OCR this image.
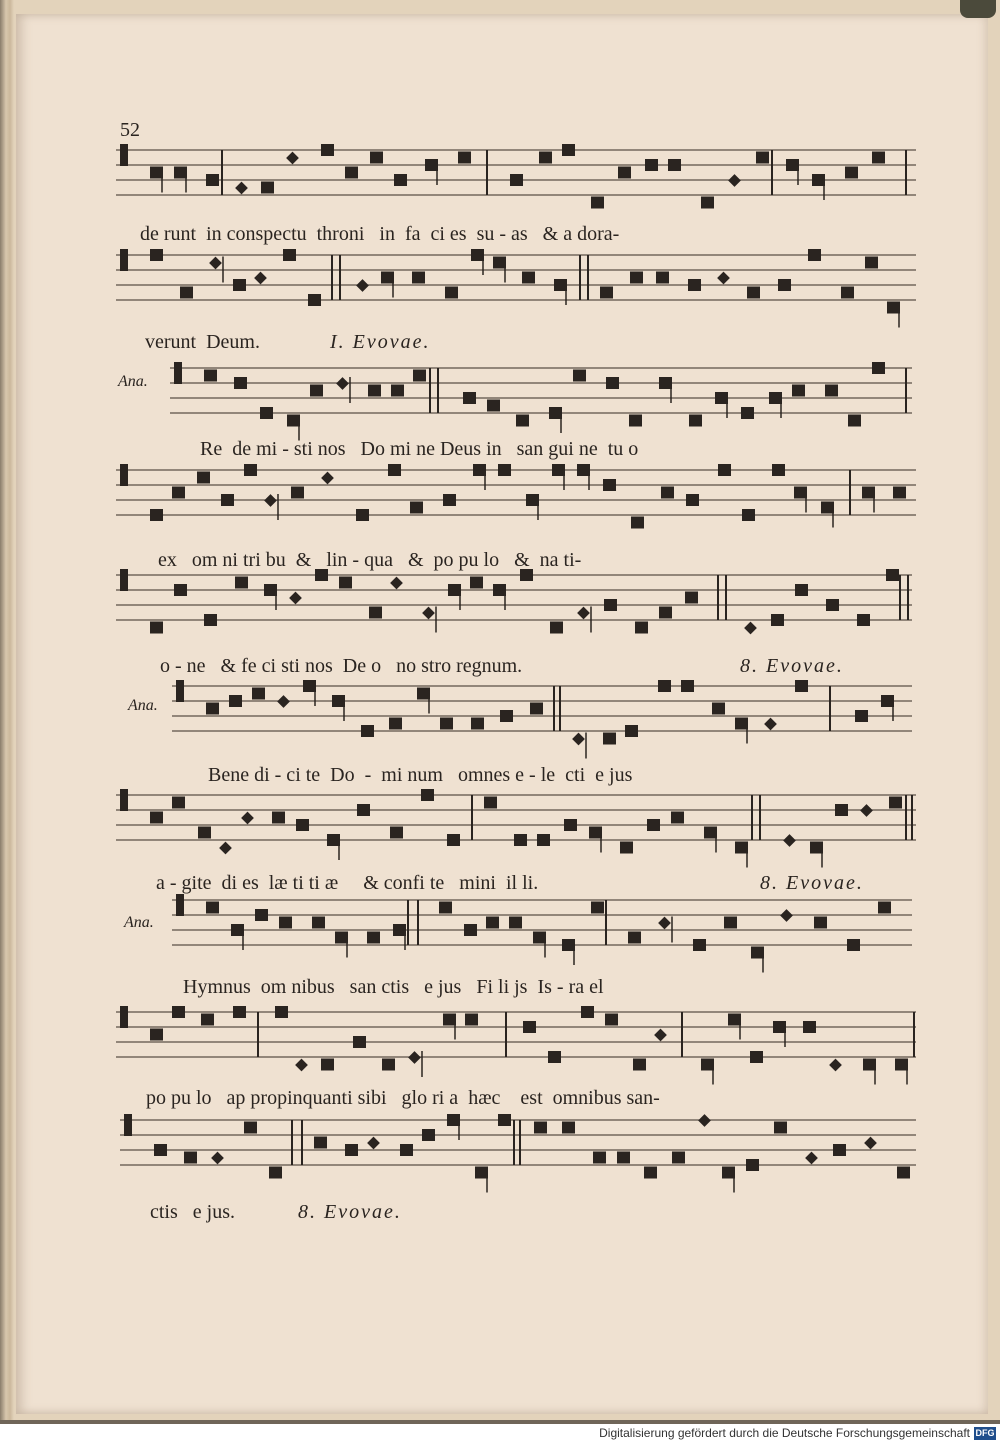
52
Ana.
Ana.
Ana.
de runt  in conspectu  throni   in  fa  ci es  su - as   & a dora-
verunt  Deum.	I. Evovae.
Re  de mi - sti nos   Do mi ne Deus in   san gui ne  tu o
ex   om ni tri bu  &   lin - qua   &  po pu lo   &  na ti-
o - ne   & fe ci sti nos  De o   no stro regnum.	8. Evovae.
Bene di - ci te  Do  -  mi num   omnes e - le  cti  e jus
a - gite  di es  læ ti ti æ     & confi te   mini  il li.	8. Evovae.
Hymnus  om nibus   san ctis   e jus   Fi li js  Is - ra el
po pu lo   ap propinquanti sibi   glo ri a  hæc    est  omnibus san-
ctis   e jus.	8. Evovae.
Digitalisierung gefördert durch die Deutsche Forschungsgemeinschaft DFG
